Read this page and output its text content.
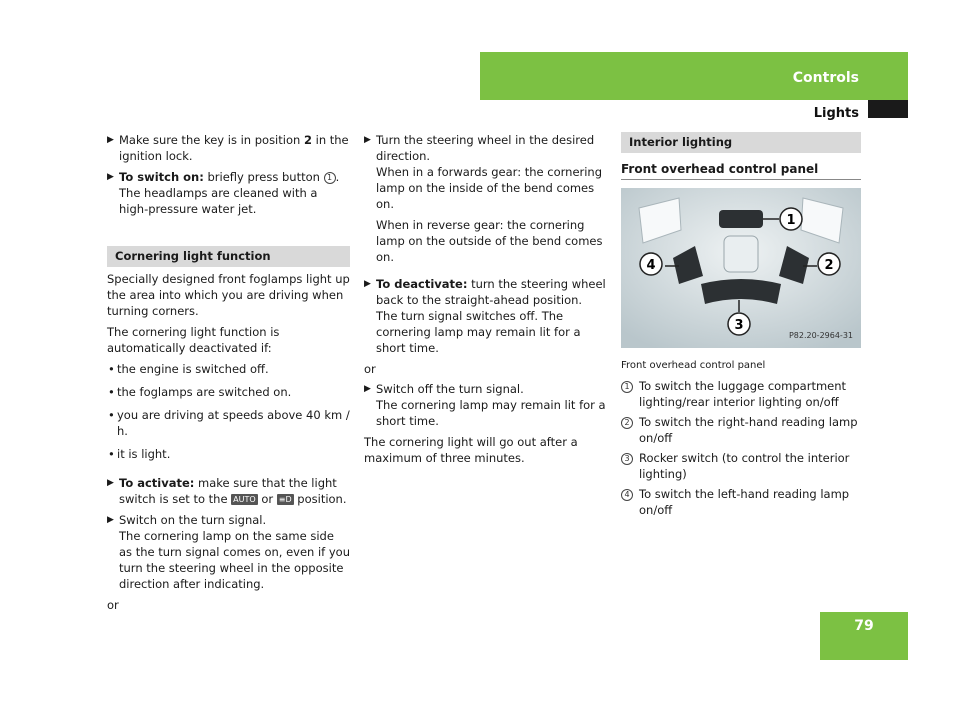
Controls
Lights
▶ Make sure the key is in position 2 in the ignition lock.
▶ To switch on: briefly press button 1 .

The headlamps are cleaned with a high-pressure water jet.

Cornering light function

Specially designed front foglamps light up the area into which you are driving when turning corners.

The cornering light function is automatically deactivated if:

• the engine is switched off.
• the foglamps are switched on.
• you are driving at speeds above 40 km / h.
• it is light.
▶ To activate: make sure that the light switch is set to the AUTO or ≡D position.
▶ Switch on the turn signal.

The cornering lamp on the same side as the turn signal comes on, even if you turn the steering wheel in the opposite direction after indicating.

or

▶ Turn the steering wheel in the desired direction.

When in a forwards gear: the cornering lamp on the inside of the bend comes on.

When in reverse gear: the cornering lamp on the outside of the bend comes on.

▶ To deactivate: turn the steering wheel back to the straight-ahead position.

The turn signal switches off. The cornering lamp may remain lit for a short time.

or

▶ Switch off the turn signal.

The cornering lamp may remain lit for a short time.

The cornering light will go out after a maximum of three minutes.

Interior lighting
Front overhead control panel
1
2
3
4
P82.20-2964-31

Front overhead control panel

1 To switch the luggage compartment lighting/rear interior lighting on/off
2 To switch the right-hand reading lamp on/off
3 Rocker switch (to control the interior lighting)
4 To switch the left-hand reading lamp on/off
79
